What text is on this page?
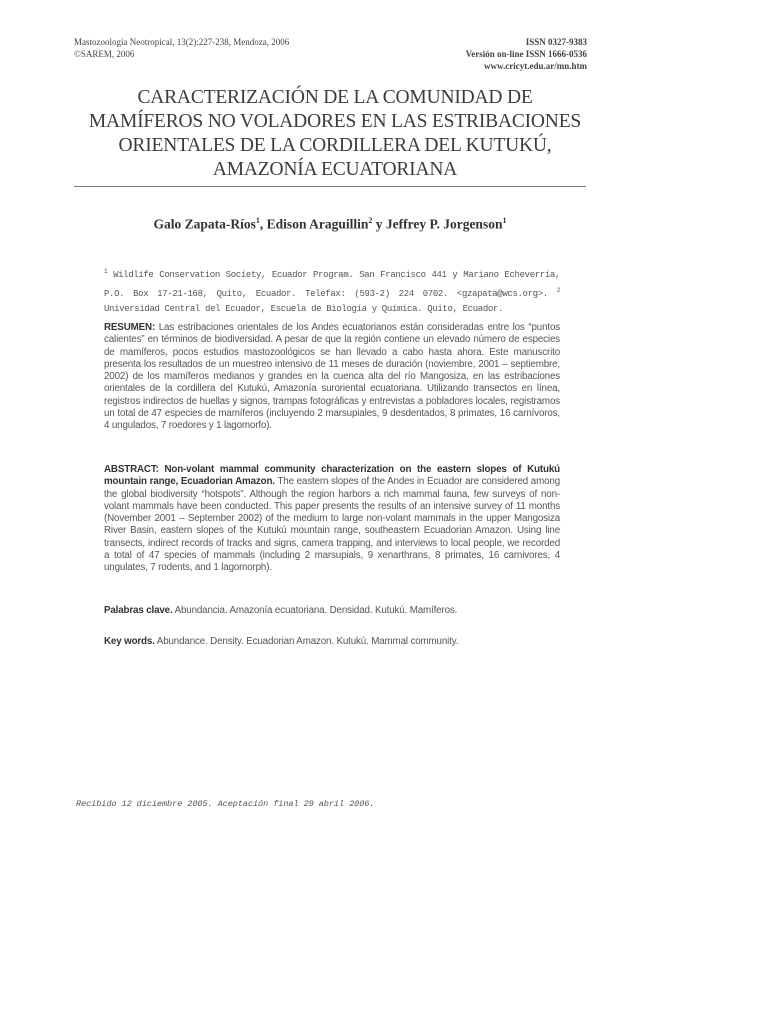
Mastozoología Neotropical, 13(2):227-238, Mendoza, 2006
©SAREM, 2006
ISSN 0327-9383
Versión on-line ISSN 1666-0536
www.cricyt.edu.ar/mn.htm
CARACTERIZACIÓN DE LA COMUNIDAD DE
MAMÍFEROS NO VOLADORES EN LAS ESTRIBACIONES
ORIENTALES DE LA CORDILLERA DEL KUTUKÚ,
AMAZONÍA ECUATORIANA
Galo Zapata-Ríos$^1$, Edison Araguillin$^2$ y Jeffrey P. Jorgenson$^1$
$^1$ Wildlife Conservation Society, Ecuador Program. San Francisco 441 y Mariano Echeverría, P.O. Box 17-21-168, Quito, Ecuador. Telefax: (593-2) 224 0702. <gzapata@wcs.org>. $^2$ Universidad Central del Ecuador, Escuela de Biología y Química. Quito, Ecuador.
RESUMEN: Las estribaciones orientales de los Andes ecuatorianos están consideradas entre los “puntos calientes” en términos de biodiversidad. A pesar de que la región contiene un elevado número de especies de mamíferos, pocos estudios mastozoológicos se han llevado a cabo hasta ahora. Este manuscrito presenta los resultados de un muestreo intensivo de 11 meses de duración (noviembre, 2001 – septiembre, 2002) de los mamíferos medianos y grandes en la cuenca alta del río Mangosiza, en las estribaciones orientales de la cordillera del Kutukú, Amazonía suroriental ecuatoriana. Utilizando transectos en línea, registros indirectos de huellas y signos, trampas fotográficas y entrevistas a pobladores locales, registramos un total de 47 especies de mamíferos (incluyendo 2 marsupiales, 9 desdentados, 8 primates, 16 carnívoros, 4 ungulados, 7 roedores y 1 lagomorfo).
ABSTRACT: Non-volant mammal community characterization on the eastern slopes of Kutukú mountain range, Ecuadorian Amazon. The eastern slopes of the Andes in Ecuador are considered among the global biodiversity “hotspots”. Although the region harbors a rich mammal fauna, few surveys of non-volant mammals have been conducted. This paper presents the results of an intensive survey of 11 months (November 2001 – September 2002) of the medium to large non-volant mammals in the upper Mangosiza River Basin, eastern slopes of the Kutukú mountain range, southeastern Ecuadorian Amazon. Using line transects, indirect records of tracks and signs, camera trapping, and interviews to local people, we recorded a total of 47 species of mammals (including 2 marsupials, 9 xenarthrans, 8 primates, 16 carnivores, 4 ungulates, 7 rodents, and 1 lagomorph).
Palabras clave. Abundancia. Amazonía ecuatoriana. Densidad. Kutukú. Mamíferos.
Key words. Abundance. Density. Ecuadorian Amazon. Kutukú. Mammal community.
Recibido 12 diciembre 2005. Aceptación final 29 abril 2006.
